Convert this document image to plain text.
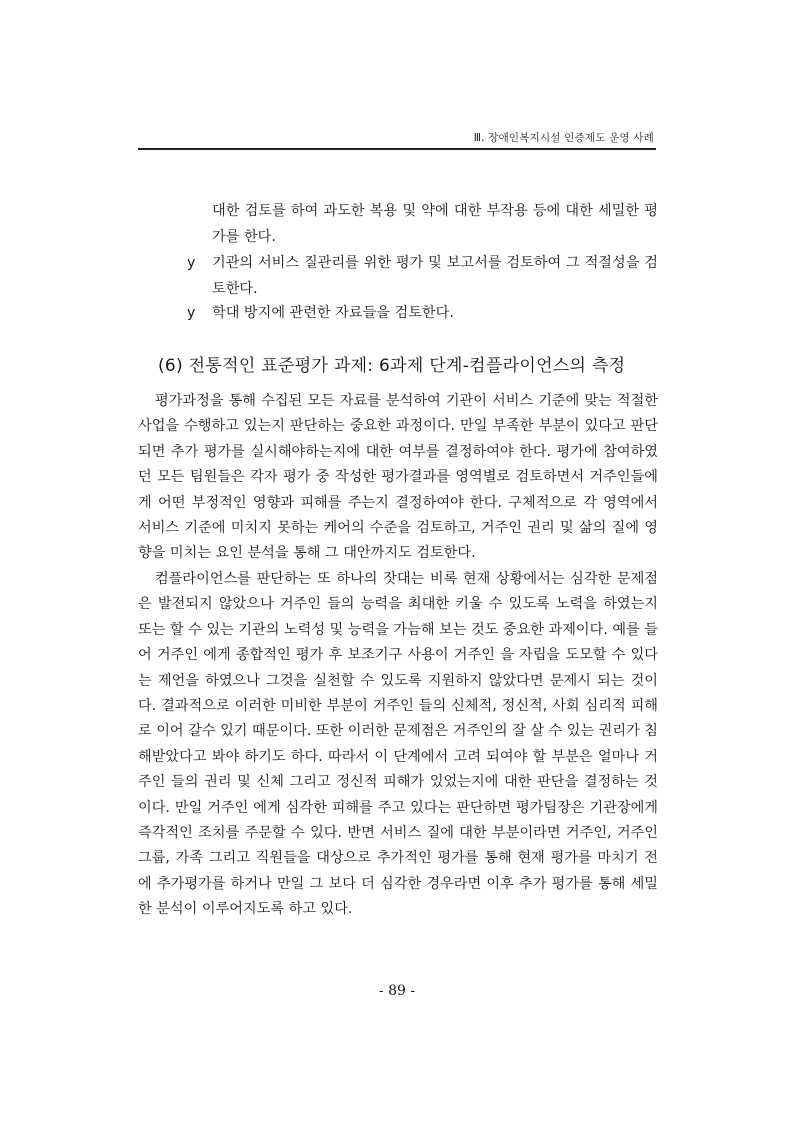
Ⅲ. 장애인복지시설 인증제도 운영 사례
대한 검토를 하여 과도한 복용 및 약에 대한 부작용 등에 대한 세밀한 평가를 한다.
y	기관의 서비스 질관리를 위한 평가 및 보고서를 검토하여 그 적절성을 검토한다.
y	학대 방지에 관련한 자료들을 검토한다.
(6) 전통적인 표준평가 과제: 6과제 단계-컴플라이언스의 측정
평가과정을 통해 수집된 모든 자료를 분석하여 기관이 서비스 기준에 맞는 적절한 사업을 수행하고 있는지 판단하는 중요한 과정이다. 만일 부족한 부분이 있다고 판단되면 추가 평가를 실시해야하는지에 대한 여부를 결정하여야 한다. 평가에 참여하였던 모든 팀원들은 각자 평가 중 작성한 평가결과를 영역별로 검토하면서 거주인들에게 어떤 부정적인 영향과 피해를 주는지 결정하여야 한다. 구체적으로 각 영역에서 서비스 기준에 미치지 못하는 케어의 수준을 검토하고, 거주인 권리 및 삶의 질에 영향을 미치는 요인 분석을 통해 그 대안까지도 검토한다.
컴플라이언스를 판단하는 또 하나의 잣대는 비록 현재 상황에서는 심각한 문제점은 발전되지 않았으나 거주인 들의 능력을 최대한 키울 수 있도록 노력을 하였는지 또는 할 수 있는 기관의 노력성 및 능력을 가늠해 보는 것도 중요한 과제이다. 예를 들어 거주인 에게 종합적인 평가 후 보조기구 사용이 거주인 을 자립을 도모할 수 있다는 제언을 하였으나 그것을 실천할 수 있도록 지원하지 않았다면 문제시 되는 것이다. 결과적으로 이러한 미비한 부분이 거주인 들의 신체적, 정신적, 사회 심리적 피해로 이어 갈수 있기 때문이다. 또한 이러한 문제점은 거주인의 잘 살 수 있는 권리가 침해받았다고 봐야 하기도 하다. 따라서 이 단계에서 고려 되여야 할 부분은 얼마나 거주인 들의 권리 및 신체 그리고 정신적 피해가 있었는지에 대한 판단을 결정하는 것이다. 만일 거주인 에게 심각한 피해를 주고 있다는 판단하면 평가팀장은 기관장에게 즉각적인 조치를 주문할 수 있다. 반면 서비스 질에 대한 부분이라면 거주인, 거주인 그룹, 가족 그리고 직원들을 대상으로 추가적인 평가를 통해 현재 평가를 마치기 전에 추가평가를 하거나 만일 그 보다 더 심각한 경우라면 이후 추가 평가를 통해 세밀한 분석이 이루어지도록 하고 있다.
- 89 -
